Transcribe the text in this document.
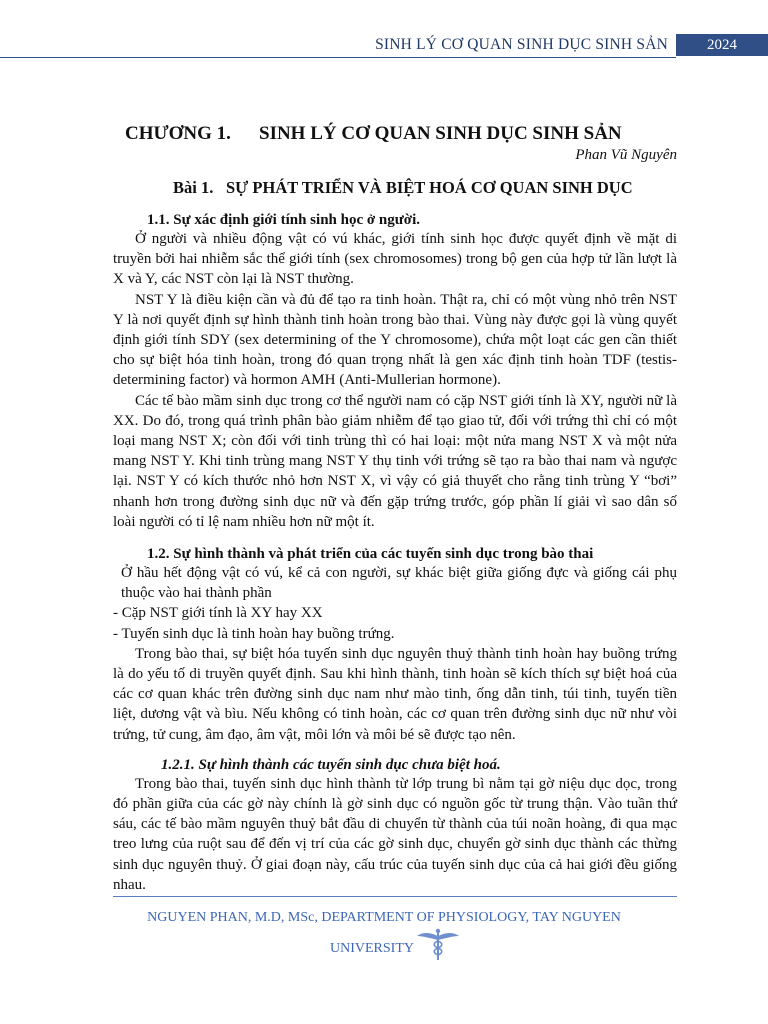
SINH LÝ CƠ QUAN SINH DỤC SINH SẢN	2024
CHƯƠNG 1. SINH LÝ CƠ QUAN SINH DỤC SINH SẢN
Phan Vũ Nguyên
Bài 1. SỰ PHÁT TRIỂN VÀ BIỆT HOÁ CƠ QUAN SINH DỤC
1.1. Sự xác định giới tính sinh học ở người.

Ở người và nhiều động vật có vú khác, giới tính sinh học được quyết định về mặt di truyền bởi hai nhiễm sắc thể giới tính (sex chromosomes) trong bộ gen của hợp tử lần lượt là X và Y, các NST còn lại là NST thường.

NST Y là điều kiện cần và đủ để tạo ra tinh hoàn. Thật ra, chỉ có một vùng nhỏ trên NST Y là nơi quyết định sự hình thành tinh hoàn trong bào thai. Vùng này được gọi là vùng quyết định giới tính SDY (sex determining of the Y chromosome), chứa một loạt các gen cần thiết cho sự biệt hóa tinh hoàn, trong đó quan trọng nhất là gen xác định tinh hoàn TDF (testis-determining factor) và hormon AMH (Anti-Mullerian hormone).

Các tế bào mầm sinh dục trong cơ thể người nam có cặp NST giới tính là XY, người nữ là XX. Do đó, trong quá trình phân bào giảm nhiễm để tạo giao tử, đối với trứng thì chỉ có một loại mang NST X; còn đối với tinh trùng thì có hai loại: một nửa mang NST X và một nửa mang NST Y. Khi tinh trùng mang NST Y thụ tinh với trứng sẽ tạo ra bào thai nam và ngược lại. NST Y có kích thước nhỏ hơn NST X, vì vậy có giả thuyết cho rằng tinh trùng Y “bơi” nhanh hơn trong đường sinh dục nữ và đến gặp trứng trước, góp phần lí giải vì sao dân số loài người có tỉ lệ nam nhiều hơn nữ một ít.

1.2. Sự hình thành và phát triển của các tuyến sinh dục trong bào thai

Ở hầu hết động vật có vú, kể cả con người, sự khác biệt giữa giống đực và giống cái phụ thuộc vào hai thành phần

- Cặp NST giới tính là XY hay XX

- Tuyến sinh dục là tinh hoàn hay buồng trứng.

Trong bào thai, sự biệt hóa tuyến sinh dục nguyên thuỷ thành tinh hoàn hay buồng trứng là do yếu tố di truyền quyết định. Sau khi hình thành, tinh hoàn sẽ kích thích sự biệt hoá của các cơ quan khác trên đường sinh dục nam như mào tinh, ống dẫn tinh, túi tinh, tuyến tiền liệt, dương vật và bìu. Nếu không có tinh hoàn, các cơ quan trên đường sinh dục nữ như vòi trứng, tử cung, âm đạo, âm vật, môi lớn và môi bé sẽ được tạo nên.

1.2.1. Sự hình thành các tuyến sinh dục chưa biệt hoá.

Trong bào thai, tuyến sinh dục hình thành từ lớp trung bì nằm tại gờ niệu dục dọc, trong đó phần giữa của các gờ này chính là gờ sinh dục có nguồn gốc từ trung thận. Vào tuần thứ sáu, các tế bào mầm nguyên thuỷ bắt đầu di chuyển từ thành của túi noãn hoàng, đi qua mạc treo lưng của ruột sau để đến vị trí của các gờ sinh dục, chuyển gờ sinh dục thành các thừng sinh dục nguyên thuỷ. Ở giai đoạn này, cấu trúc của tuyến sinh dục của cả hai giới đều giống nhau.

NGUYEN PHAN, M.D, MSc, DEPARTMENT OF PHYSIOLOGY, TAY NGUYEN
UNIVERSITY
